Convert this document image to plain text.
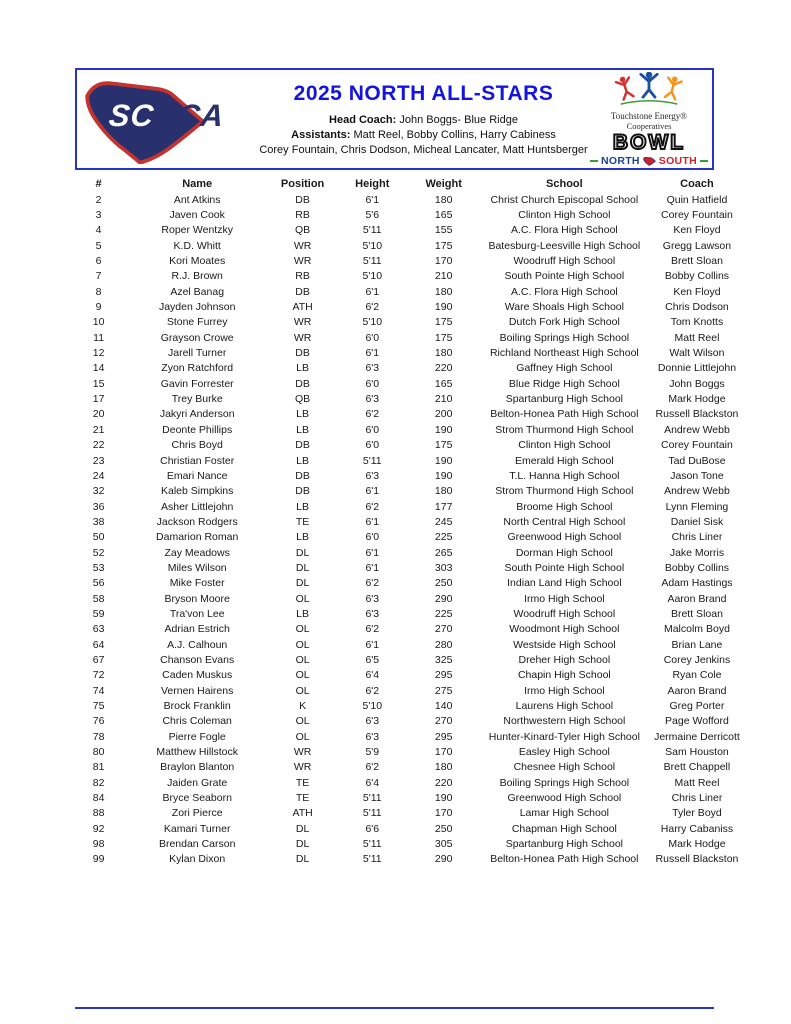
SCACA
2025 NORTH ALL-STARS
Head Coach: John Boggs- Blue Ridge
Assistants: Matt Reel, Bobby Collins, Harry Cabiness
Corey Fountain, Chris Dodson, Micheal Lancater, Matt Huntsberger
Touchstone Energy®
Cooperatives
BOWL
NORTH SOUTH
#	Name	Position	Height	Weight	School	Coach
2	Ant Atkins	DB	6'1	180	Christ Church Episcopal School	Quin Hatfield
3	Javen Cook	RB	5'6	165	Clinton High School	Corey Fountain
4	Roper Wentzky	QB	5'11	155	A.C. Flora High School	Ken Floyd
5	K.D. Whitt	WR	5'10	175	Batesburg-Leesville High School	Gregg Lawson
6	Kori Moates	WR	5'11	170	Woodruff High School	Brett Sloan
7	R.J. Brown	RB	5'10	210	South Pointe High School	Bobby Collins
8	Azel Banag	DB	6'1	180	A.C. Flora High School	Ken Floyd
9	Jayden Johnson	ATH	6'2	190	Ware Shoals High School	Chris Dodson
10	Stone Furrey	WR	5'10	175	Dutch Fork High School	Tom Knotts
11	Grayson Crowe	WR	6'0	175	Boiling Springs High School	Matt Reel
12	Jarell Turner	DB	6'1	180	Richland Northeast High School	Walt Wilson
14	Zyon Ratchford	LB	6'3	220	Gaffney High School	Donnie Littlejohn
15	Gavin Forrester	DB	6'0	165	Blue Ridge High School	John Boggs
17	Trey Burke	QB	6'3	210	Spartanburg High School	Mark Hodge
20	Jakyri Anderson	LB	6'2	200	Belton-Honea Path High School	Russell Blackston
21	Deonte Phillips	LB	6'0	190	Strom Thurmond High School	Andrew Webb
22	Chris Boyd	DB	6'0	175	Clinton High School	Corey Fountain
23	Christian Foster	LB	5'11	190	Emerald High School	Tad DuBose
24	Emari Nance	DB	6'3	190	T.L. Hanna High School	Jason Tone
32	Kaleb Simpkins	DB	6'1	180	Strom Thurmond High School	Andrew Webb
36	Asher Littlejohn	LB	6'2	177	Broome High School	Lynn Fleming
38	Jackson Rodgers	TE	6'1	245	North Central High School	Daniel Sisk
50	Damarion Roman	LB	6'0	225	Greenwood High School	Chris Liner
52	Zay Meadows	DL	6'1	265	Dorman High School	Jake Morris
53	Miles Wilson	DL	6'1	303	South Pointe High School	Bobby Collins
56	Mike Foster	DL	6'2	250	Indian Land High School	Adam Hastings
58	Bryson Moore	OL	6'3	290	Irmo High School	Aaron Brand
59	Tra'von Lee	LB	6'3	225	Woodruff High School	Brett Sloan
63	Adrian Estrich	OL	6'2	270	Woodmont High School	Malcolm Boyd
64	A.J. Calhoun	OL	6'1	280	Westside High School	Brian Lane
67	Chanson Evans	OL	6'5	325	Dreher High School	Corey Jenkins
72	Caden Muskus	OL	6'4	295	Chapin High School	Ryan Cole
74	Vernen Hairens	OL	6'2	275	Irmo High School	Aaron Brand
75	Brock Franklin	K	5'10	140	Laurens High School	Greg Porter
76	Chris Coleman	OL	6'3	270	Northwestern High School	Page Wofford
78	Pierre Fogle	OL	6'3	295	Hunter-Kinard-Tyler High School	Jermaine Derricott
80	Matthew Hillstock	WR	5'9	170	Easley High School	Sam Houston
81	Braylon Blanton	WR	6'2	180	Chesnee High School	Brett Chappell
82	Jaiden Grate	TE	6'4	220	Boiling Springs High School	Matt Reel
84	Bryce Seaborn	TE	5'11	190	Greenwood High School	Chris Liner
88	Zori Pierce	ATH	5'11	170	Lamar High School	Tyler Boyd
92	Kamari Turner	DL	6'6	250	Chapman High School	Harry Cabaniss
98	Brendan Carson	DL	5'11	305	Spartanburg High School	Mark Hodge
99	Kylan Dixon	DL	5'11	290	Belton-Honea Path High School	Russell Blackston
